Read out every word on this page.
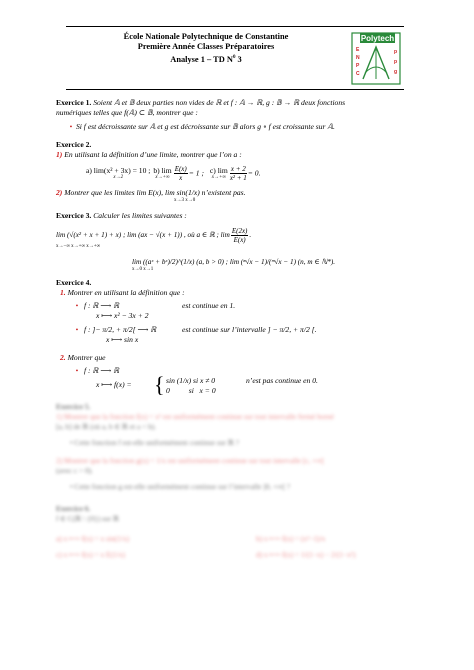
École Nationale Polytechnique de Constantine
Première Année Classes Préparatoires
Analyse 1 – TD $N^0$ 3
Polytech
E
N
P
C
p
p
g
Exercice 1. Soient 𝔸 et 𝔹 deux parties non vides de ℝ et f : 𝔸 → ℝ, g : 𝔹 → ℝ deux fonctions
numériques telles que f(𝔸) ⊂ 𝔹, montrer que :
• Si f est décroissante sur 𝔸 et g est décroissante sur 𝔹 alors g ∘ f est croissante sur 𝔸.
Exercice 2.
1) En utilisant la définition d’une limite, montrer que l’on a :
a) lim(x² + 3x) = 10 ;
x→2

b) lim
$x\to+\infty \frac{E(x)}{x} = 1$ ; c) lim
$x\to+\infty \frac{x + 2}{\text{x² + 1}} = 0$.
2) Montrer que les limites lim E(x), lim sin(1/x) n’existent pas.
x→3 x→0
Exercice 3. Calculer les limites suivantes :
lim (√(x² + x + 1) + x) ; lim (ax − √(x + 1)) , où a ∈ ℝ ; $\lim \frac{E(2x)}{E(x)}$ .
x→−∞ x→+∞ x→+∞
lim ((aˣ + bˣ)/2)^(1/x) (a, b > 0) ; lim (ⁿ√x − 1)/(ᵐ√x − 1) (n, m ∈ ℕ*).
x→0 x→1
Exercice 4.
1. Montrer en utilisant la définition que :
• f : ℝ ⟶ ℝ
x ⟼ x² − 3x + 2
est continue en 1.
• f : ]− π/2, + π/2[ ⟶ ℝ
x ⟼ sin x
est continue sur l’intervalle ] − π/2, + π/2 [.
2. Montrer que
• f : ℝ ⟶ ℝ
x ⟼ f(x) = { sin (1/x) si x ≠ 0
0          si   x = 0
n’est pas continue en 0.
Exercice 5.
1) Montrer que la fonction f(x) = x² est uniformément continue sur tout intervalle fermé borné
[a, b] de ℝ (où a, b ∈ ℝ et a < b).
• Cette fonction f est-elle uniformément continue sur ℝ ?
2) Montrer que la fonction g(x) = 1/x est uniformément continue sur tout intervalle [c, +∞[
(avec c > 0).
• Cette fonction g est-elle uniformément continue sur l’intervalle ]0, +∞[ ?
Exercice 6.
f ∈ C(ℝ \ {0}) sur ℝ
a) x ⟼ f(x) = x sin(1/x)	b) x ⟼ f(x) = (x²−1)/x
c) x ⟼ f(x) = x E(1/x)	d) x ⟼ f(x) = 1/(1−x) − 2/(1−x²)
